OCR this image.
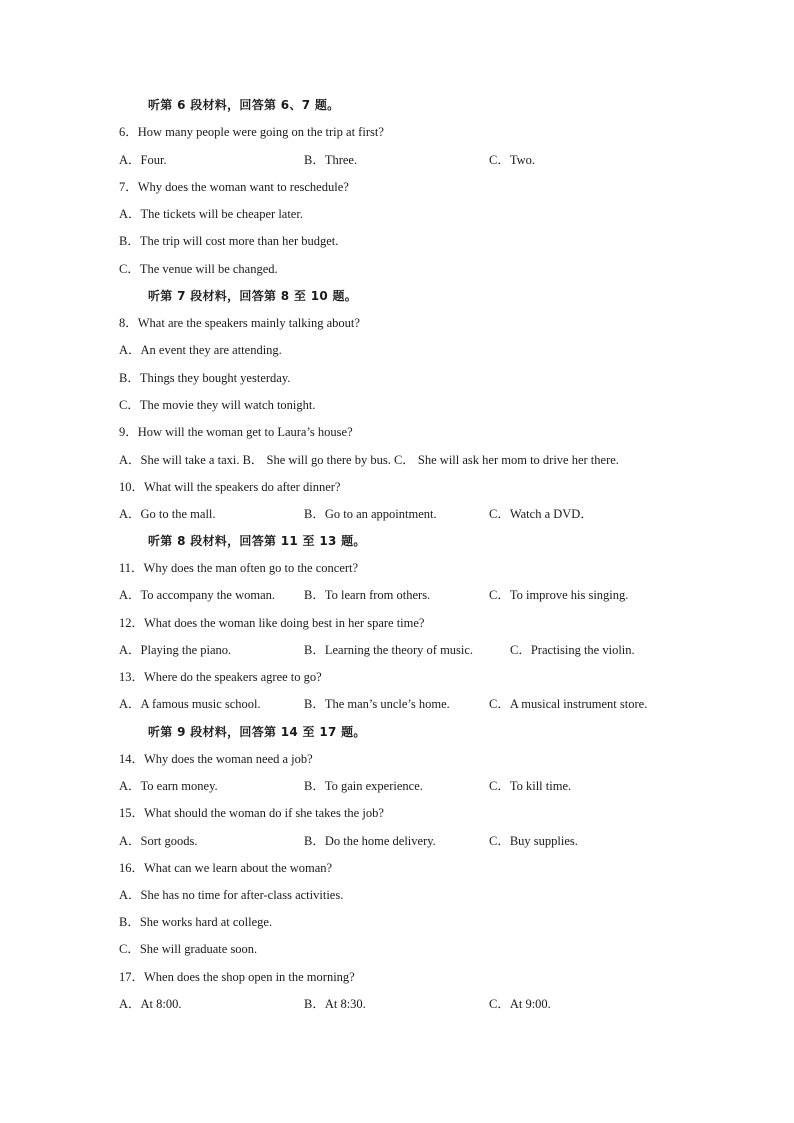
听第 6 段材料，回答第 6、7 题。
6．How many people were going on the trip at first?
A．Four.	B．Three.	C．Two.
7．Why does the woman want to reschedule?
A．The tickets will be cheaper later.
B．The trip will cost more than her budget.
C．The venue will be changed.
听第 7 段材料，回答第 8 至 10 题。
8．What are the speakers mainly talking about?
A．An event they are attending.
B．Things they bought yesterday.
C．The movie they will watch tonight.
9．How will the woman get to Laura’s house?
A．She will take a taxi. B． She will go there by bus. C． She will ask her mom to drive her there.
10．What will the speakers do after dinner?
A．Go to the mall.	B．Go to an appointment.	C．Watch a DVD．
听第 8 段材料，回答第 11 至 13 题。
11．Why does the man often go to the concert?
A．To accompany the woman. B．To learn from others.	C．To improve his singing.
12．What does the woman like doing best in her spare time?
A．Playing the piano.	B．Learning the theory of music.	C．Practising the violin.
13．Where do the speakers agree to go?
A．A famous music school.	B．The man’s uncle’s home.	C．A musical instrument store.
听第 9 段材料，回答第 14 至 17 题。
14．Why does the woman need a job?
A．To earn money.	B．To gain experience.	C．To kill time.
15．What should the woman do if she takes the job?
A．Sort goods.	B．Do the home delivery.	C．Buy supplies.
16．What can we learn about the woman?
A．She has no time for after-class activities.
B．She works hard at college.
C．She will graduate soon.
17．When does the shop open in the morning?
A．At 8:00.	B．At 8:30.	C．At 9:00.
